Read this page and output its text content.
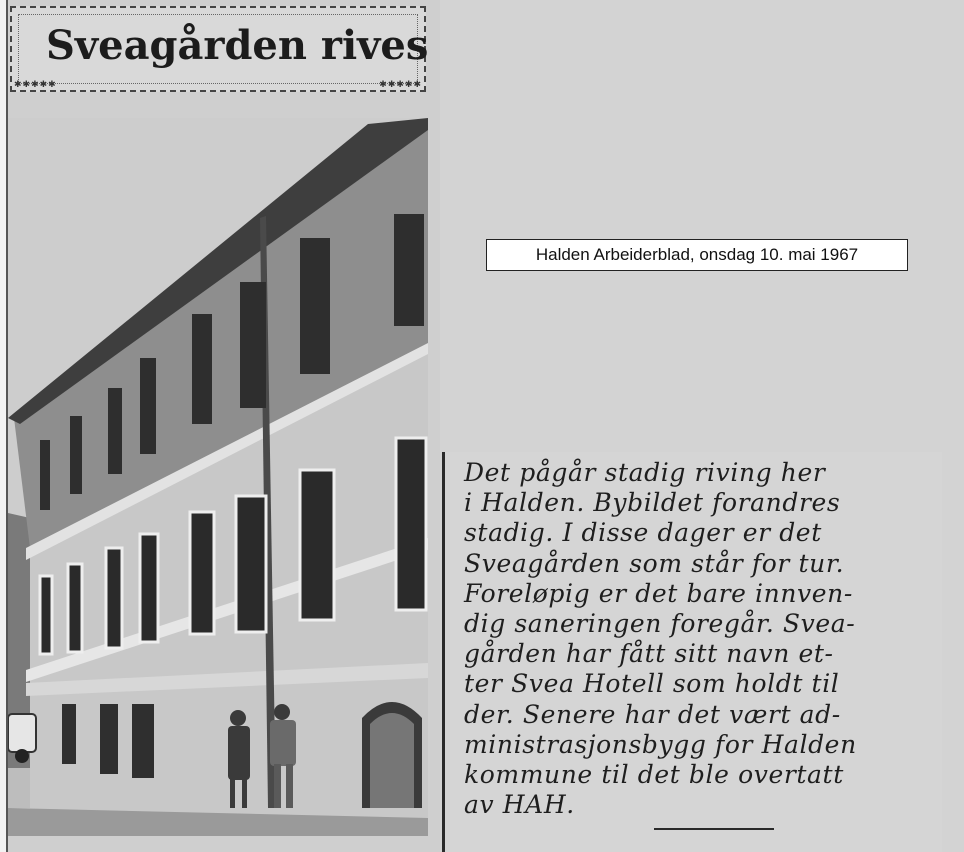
✱✱✱✱✱	✱✱✱✱✱
Sveagården rives
Halden Arbeiderblad, onsdag 10. mai 1967
Det pågår stadig riving her
i Halden. Bybildet forandres
stadig. I disse dager er det
Sveagården som står for tur.
Foreløpig er det bare innven-
dig saneringen foregår. Svea-
gården har fått sitt navn et-
ter Svea Hotell som holdt til
der. Senere har det vært ad-
ministrasjonsbygg for Halden
kommune til det ble overtatt
av HAH.
